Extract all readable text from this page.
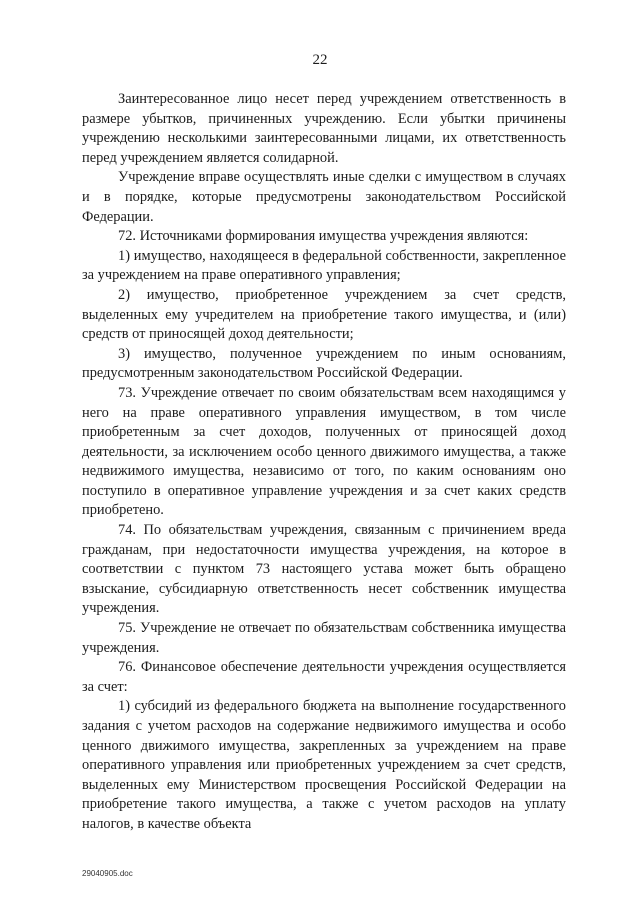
22

Заинтересованное лицо несет перед учреждением ответственность в размере убытков, причиненных учреждению. Если убытки причинены учреждению несколькими заинтересованными лицами, их ответственность перед учреждением является солидарной.

Учреждение вправе осуществлять иные сделки с имуществом в случаях и в порядке, которые предусмотрены законодательством Российской Федерации.

72. Источниками формирования имущества учреждения являются:

1) имущество, находящееся в федеральной собственности, закрепленное за учреждением на праве оперативного управления;

2) имущество, приобретенное учреждением за счет средств, выделенных ему учредителем на приобретение такого имущества, и (или) средств от приносящей доход деятельности;

3) имущество, полученное учреждением по иным основаниям, предусмотренным законодательством Российской Федерации.

73. Учреждение отвечает по своим обязательствам всем находящимся у него на праве оперативного управления имуществом, в том числе приобретенным за счет доходов, полученных от приносящей доход деятельности, за исключением особо ценного движимого имущества, а также недвижимого имущества, независимо от того, по каким основаниям оно поступило в оперативное управление учреждения и за счет каких средств приобретено.

74. По обязательствам учреждения, связанным с причинением вреда гражданам, при недостаточности имущества учреждения, на которое в соответствии с пунктом 73 настоящего устава может быть обращено взыскание, субсидиарную ответственность несет собственник имущества учреждения.

75. Учреждение не отвечает по обязательствам собственника имущества учреждения.

76. Финансовое обеспечение деятельности учреждения осуществляется за счет:

1) субсидий из федерального бюджета на выполнение государственного задания с учетом расходов на содержание недвижимого имущества и особо ценного движимого имущества, закрепленных за учреждением на праве оперативного управления или приобретенных учреждением за счет средств, выделенных ему Министерством просвещения Российской Федерации на приобретение такого имущества, а также с учетом расходов на уплату налогов, в качестве объекта

29040905.doc
